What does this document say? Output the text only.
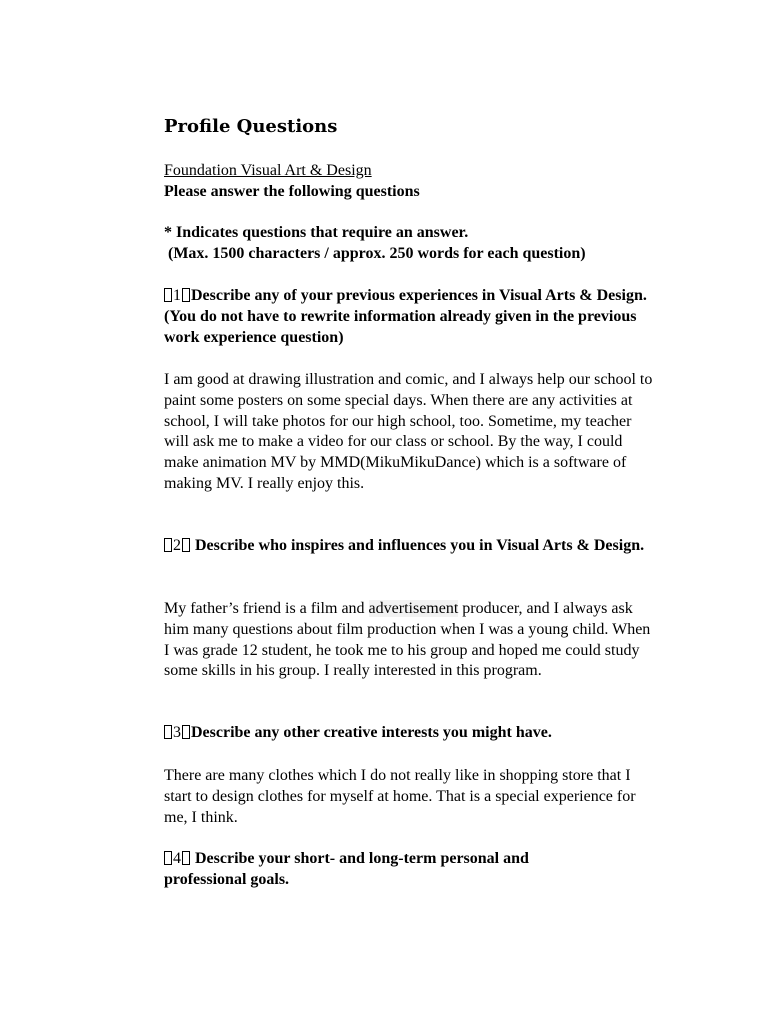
Profile Questions

Foundation Visual Art & Design

Please answer the following questions

* Indicates questions that require an answer.

(Max. 1500 characters / approx. 250 words for each question)

1 Describe any of your previous experiences in Visual Arts & Design.(You do not have to rewrite information already given in the previous work experience question)

I am good at drawing illustration and comic, and I always help our school to paint some posters on some special days. When there are any activities at school, I will take photos for our high school, too. Sometime, my teacher will ask me to make a video for our class or school. By the way, I could make animation MV by MMD(MikuMikuDance) which is a software of making MV. I really enjoy this.

2 Describe who inspires and influences you in Visual Arts & Design.

My father’s friend is a film and advertisement producer, and I always ask him many questions about film production when I was a young child. When I was grade 12 student, he took me to his group and hoped me could study some skills in his group. I really interested in this program.

3 Describe any other creative interests you might have.

There are many clothes which I do not really like in shopping store that I start to design clothes for myself at home. That is a special experience for me, I think.

4 Describe your short- and long-term personal and professional goals.
